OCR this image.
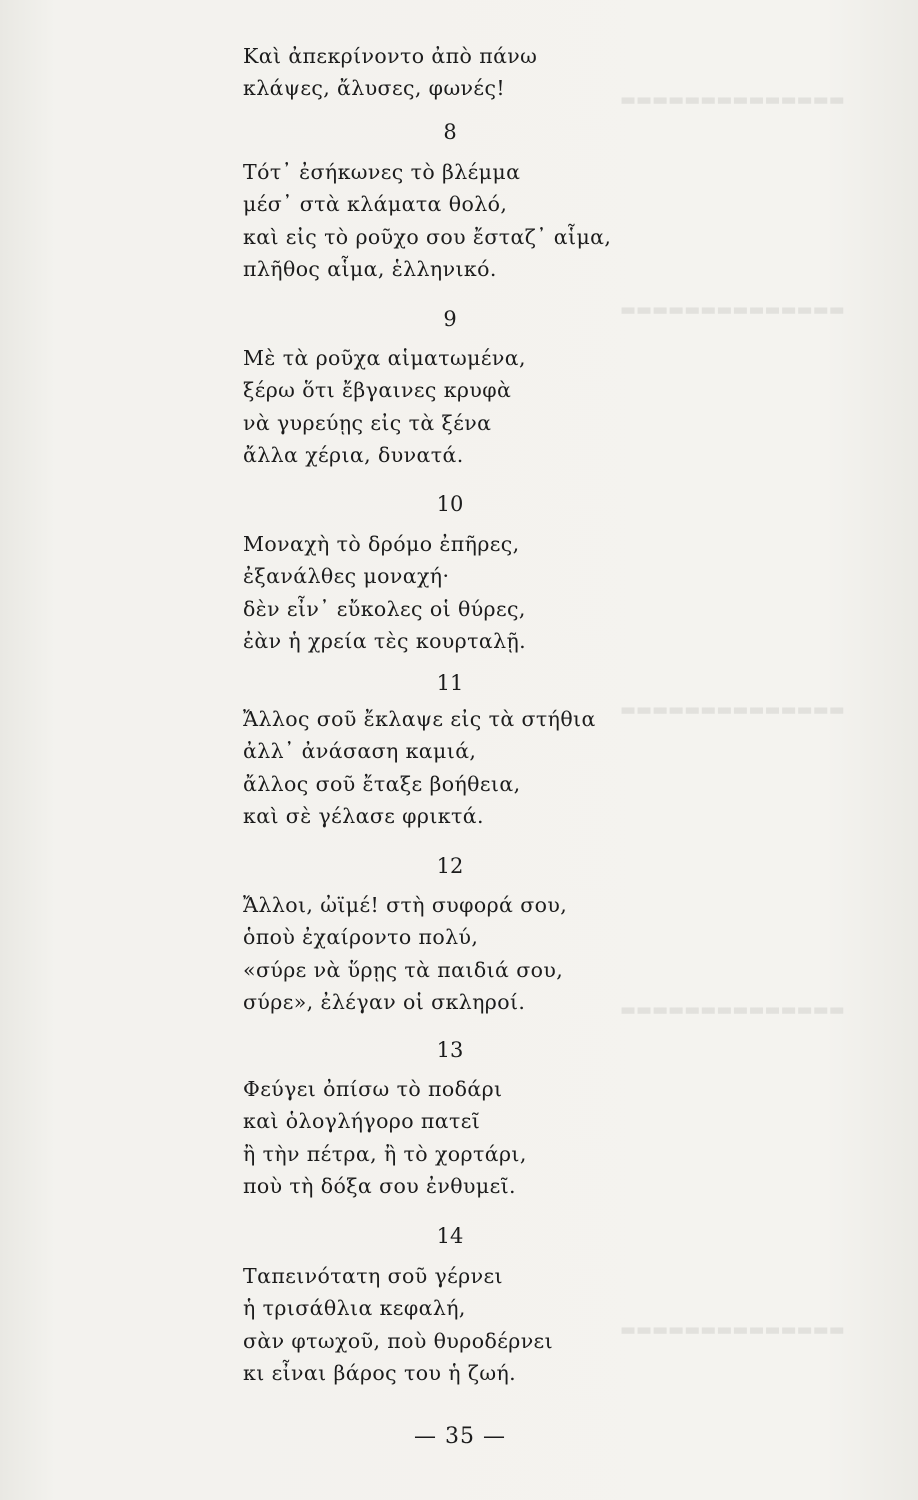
▬▬▬▬▬▬▬▬▬▬▬▬▬▬
▬▬▬▬▬▬▬▬▬▬▬▬▬▬
▬▬▬▬▬▬▬▬▬▬▬▬▬▬
▬▬▬▬▬▬▬▬▬▬▬▬▬▬
▬▬▬▬▬▬▬▬▬▬▬▬▬▬
Καὶ ἀπεκρίνοντο ἀπὸ πάνω
κλάψες, ἄλυσες, φωνές!
8
Τότ᾽ ἐσήκωνες τὸ βλέμμα
μέσ᾽ στὰ κλάματα θολό,
καὶ εἰς τὸ ροῦχο σου ἔσταζ᾽ αἷμα,
πλῆθος αἷμα, ἑλληνικό.
9
Μὲ τὰ ροῦχα αἱματωμένα,
ξέρω ὅτι ἔβγαινες κρυφὰ
νὰ γυρεύῃς εἰς τὰ ξένα
ἄλλα χέρια, δυνατά.
10
Μοναχὴ τὸ δρόμο ἐπῆρες,
ἐξανάλθες μοναχή·
δὲν εἶν᾽ εὔκολες οἱ θύρες,
ἐὰν ἡ χρεία τὲς κουρταλῇ.
11
Ἄλλος σοῦ ἔκλαψε εἰς τὰ στήθια
ἀλλ᾽ ἀνάσαση καμιά,
ἄλλος σοῦ ἔταξε βοήθεια,
καὶ σὲ γέλασε φρικτά.
12
Ἄλλοι, ὠϊμέ! στὴ συφορά σου,
ὁποὺ ἐχαίροντο πολύ,
«σύρε νὰ ὕρῃς τὰ παιδιά σου,
σύρε», ἐλέγαν οἱ σκληροί.
13
Φεύγει ὀπίσω τὸ ποδάρι
καὶ ὁλογλήγορο πατεῖ
ἢ τὴν πέτρα, ἢ τὸ χορτάρι,
ποὺ τὴ δόξα σου ἐνθυμεῖ.
14
Ταπεινότατη σοῦ γέρνει
ἡ τρισάθλια κεφαλή,
σὰν φτωχοῦ, ποὺ θυροδέρνει
κι εἶναι βάρος του ἡ ζωή.
— 35 —
